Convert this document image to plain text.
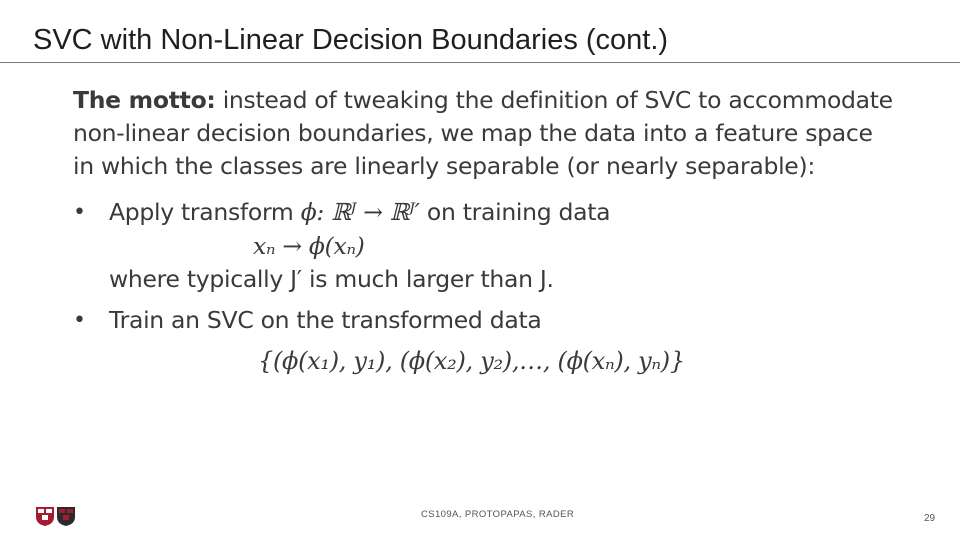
SVC with Non-Linear Decision Boundaries (cont.)
The motto: instead of tweaking the definition of SVC to accommodate
non-linear decision boundaries, we map the data into a feature space
in which the classes are linearly separable (or nearly separable):
• Apply transform ϕ: ℝᴶ → ℝᴶ′ on training data
xₙ → ϕ(xₙ)
where typically J′ is much larger than J.
• Train an SVC on the transformed data
{(ϕ(x₁), y₁), (ϕ(x₂), y₂),…, (ϕ(xₙ), yₙ)}
CS109A, PROTOPAPAS, RADER	29
